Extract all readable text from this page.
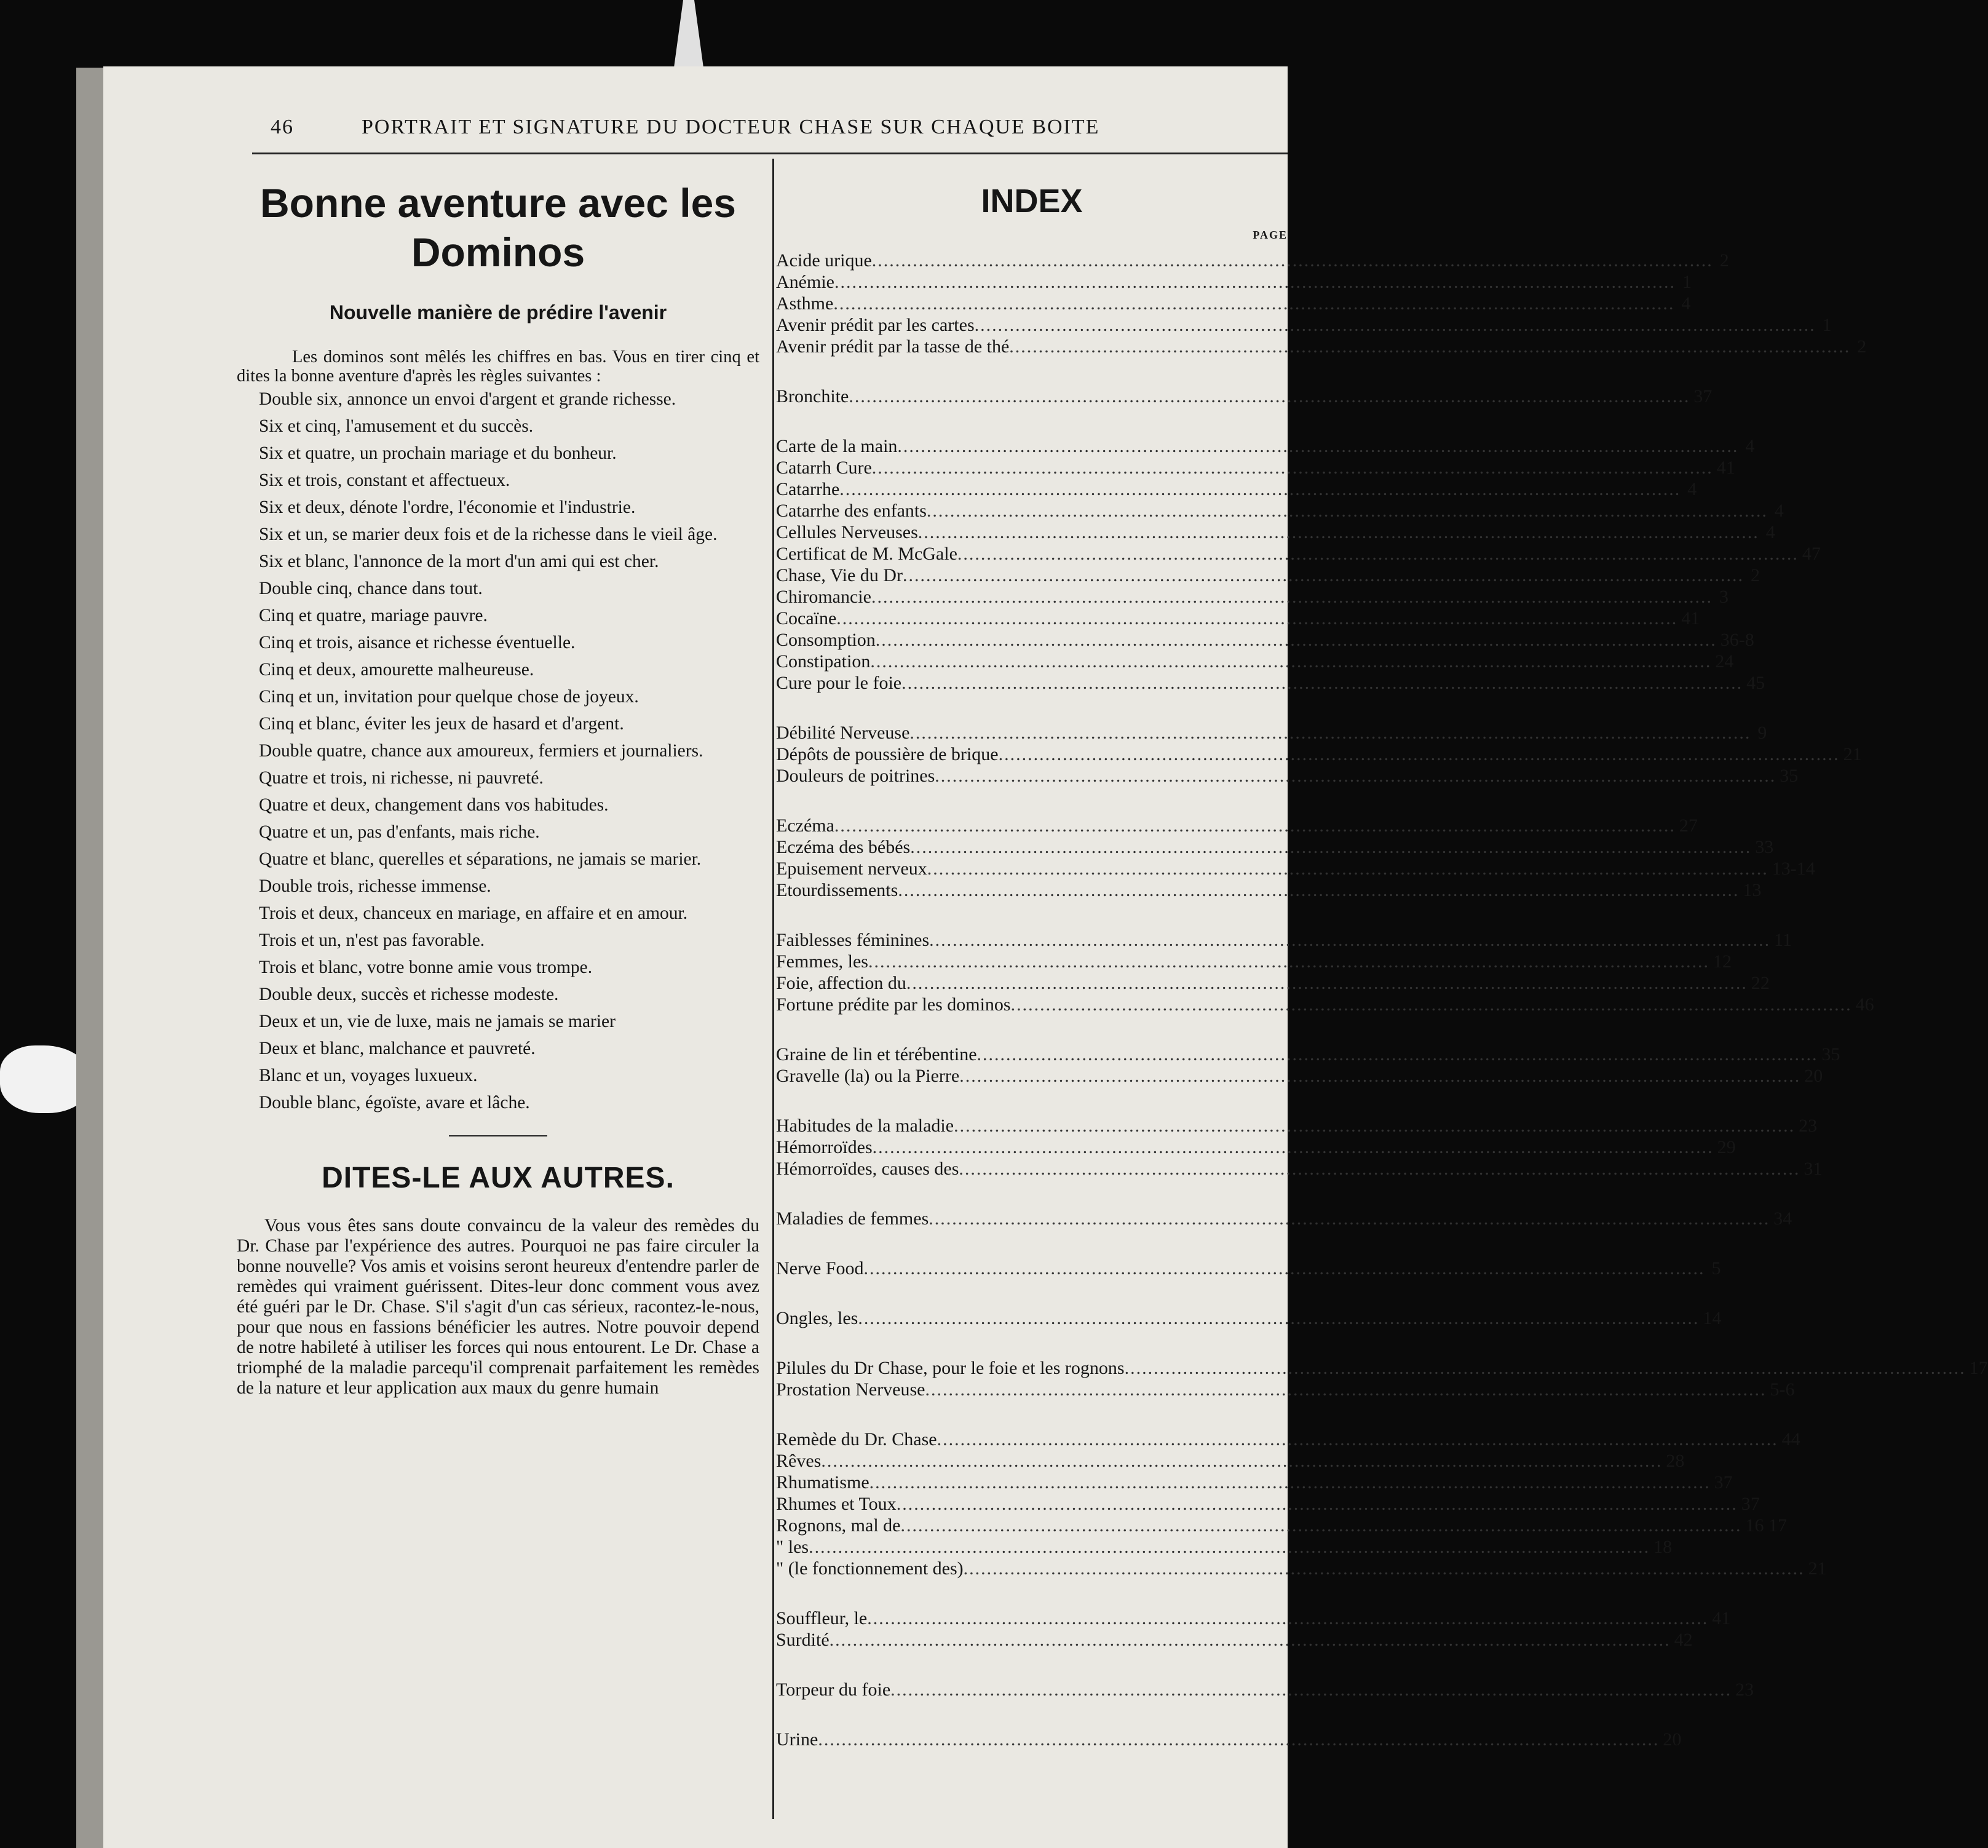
46	PORTRAIT ET SIGNATURE DU DOCTEUR CHASE SUR CHAQUE BOITE
Bonne aventure avec les
Dominos
Nouvelle manière de prédire l'avenir

Les dominos sont mêlés les chiffres en bas. Vous en tirer cinq et dites la bonne aventure d'après les règles suivantes :

Double six, annonce un envoi d'argent et grande richesse.

Six et cinq, l'amusement et du succès.

Six et quatre, un prochain mariage et du bonheur.

Six et trois, constant et affectueux.

Six et deux, dénote l'ordre, l'économie et l'industrie.

Six et un, se marier deux fois et de la richesse dans le vieil âge.

Six et blanc, l'annonce de la mort d'un ami qui est cher.

Double cinq, chance dans tout.

Cinq et quatre, mariage pauvre.

Cinq et trois, aisance et richesse éventuelle.

Cinq et deux, amourette malheureuse.

Cinq et un, invitation pour quelque chose de joyeux.

Cinq et blanc, éviter les jeux de hasard et d'argent.

Double quatre, chance aux amoureux, fermiers et journaliers.

Quatre et trois, ni richesse, ni pauvreté.

Quatre et deux, changement dans vos habitudes.

Quatre et un, pas d'enfants, mais riche.

Quatre et blanc, querelles et séparations, ne jamais se marier.

Double trois, richesse immense.

Trois et deux, chanceux en mariage, en affaire et en amour.

Trois et un, n'est pas favorable.

Trois et blanc, votre bonne amie vous trompe.

Double deux, succès et richesse modeste.

Deux et un, vie de luxe, mais ne jamais se marier

Deux et blanc, malchance et pauvreté.

Blanc et un, voyages luxueux.

Double blanc, égoïste, avare et lâche.

DITES-LE AUX AUTRES.

Vous vous êtes sans doute convaincu de la valeur des remèdes du Dr. Chase par l'expérience des autres. Pourquoi ne pas faire circuler la bonne nouvelle? Vos amis et voisins seront heureux d'entendre parler de remèdes qui vraiment guérissent. Dites-leur donc comment vous avez été guéri par le Dr. Chase. S'il s'agit d'un cas sérieux, racontez-le-nous, pour que nous en fassions bénéficier les autres. Notre pouvoir depend de notre habileté à utiliser les forces qui nous entourent. Le Dr. Chase a triomphé de la maladie parcequ'il comprenait parfaitement les remèdes de la nature et leur application aux maux du genre humain

INDEX
PAGE
Acide urique .....	2
Anémie .....	1
Asthme .....	4
Avenir prédit par les cartes .....	1
Avenir prédit par la tasse de thé .....	2
Bronchite .....	37
Carte de la main .....	4
Catarrh Cure .....	41
Catarrhe .....	4
Catarrhe des enfants .....	4
Cellules Nerveuses .....	4
Certificat de M. McGale .....	47
Chase, Vie du Dr .....	2
Chiromancie .....	3
Cocaïne .....	41
Consomption .....	36-8
Constipation .....	24
Cure pour le foie .....	45
Débilité Nerveuse .....	9
Dépôts de poussière de brique .....	21
Douleurs de poitrines .....	35
Eczéma .....	27
Eczéma des bébés .....	33
Epuisement nerveux .....	13-14
Etourdissements .....	13
Faiblesses féminines .....	11
Femmes, les .....	12
Foie, affection du .....	22
Fortune prédite par les dominos .....	46
Graine de lin et térébentine .....	35
Gravelle (la) ou la Pierre .....	20
Habitudes de la maladie .....	23
Hémorroïdes .....	29
Hémorroïdes, causes des .....	31
Maladies de femmes .....	34
Nerve Food .....	5
Ongles, les .....	14
Pilules du Dr Chase, pour le foie et les rognons .....	17
Prostation Nerveuse .....	5-6
Remède du Dr. Chase .....	44
Rêves .....	28
Rhumatisme .....	37
Rhumes et Toux .....	37
Rognons, mal de .....	16 17
" les .....	18
" (le fonctionnement des) .....	21
Souffleur, le .....	41
Surdité .....	42
Torpeur du foie .....	23
Urine .....	20
